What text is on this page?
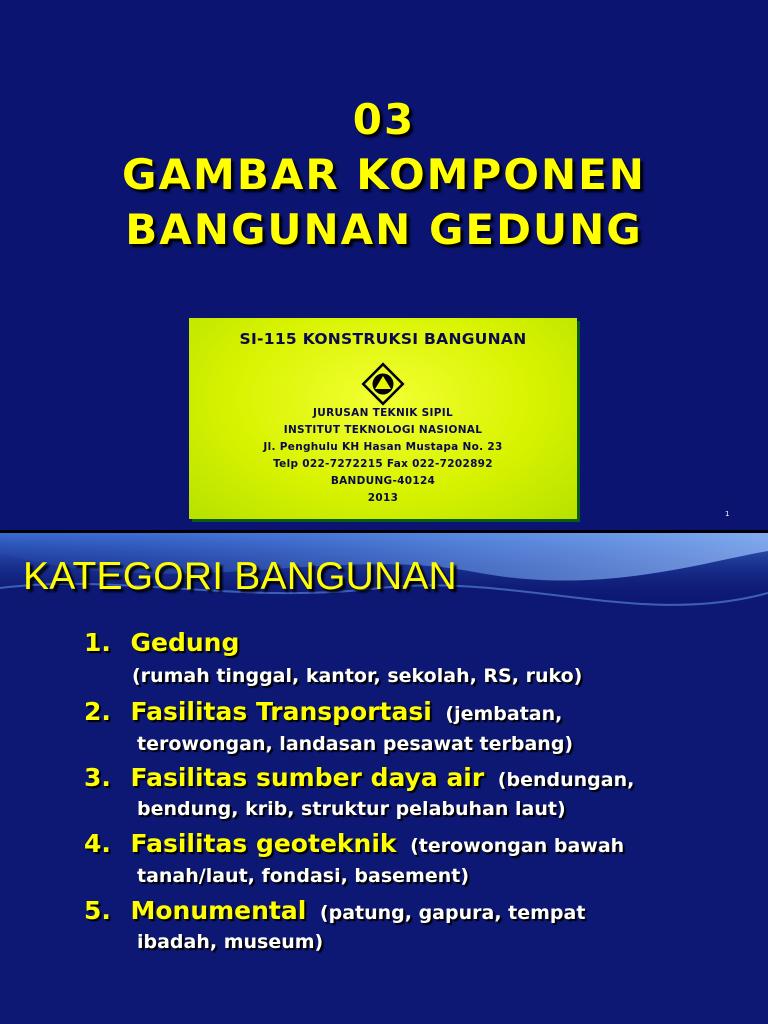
03
GAMBAR KOMPONEN
BANGUNAN GEDUNG
SI-115 KONSTRUKSI BANGUNAN
JURUSAN TEKNIK SIPIL
INSTITUT TEKNOLOGI NASIONAL
Jl. Penghulu KH Hasan Mustapa No. 23
Telp 022-7272215 Fax 022-7202892
BANDUNG-40124
2013
1
KATEGORI BANGUNAN
1. Gedung
(rumah tinggal, kantor, sekolah, RS, ruko)
2. Fasilitas Transportasi (jembatan,
terowongan, landasan pesawat terbang)
3. Fasilitas sumber daya air (bendungan,
bendung, krib, struktur pelabuhan laut)
4. Fasilitas geoteknik (terowongan bawah
tanah/laut, fondasi, basement)
5. Monumental (patung, gapura, tempat
ibadah, museum)
